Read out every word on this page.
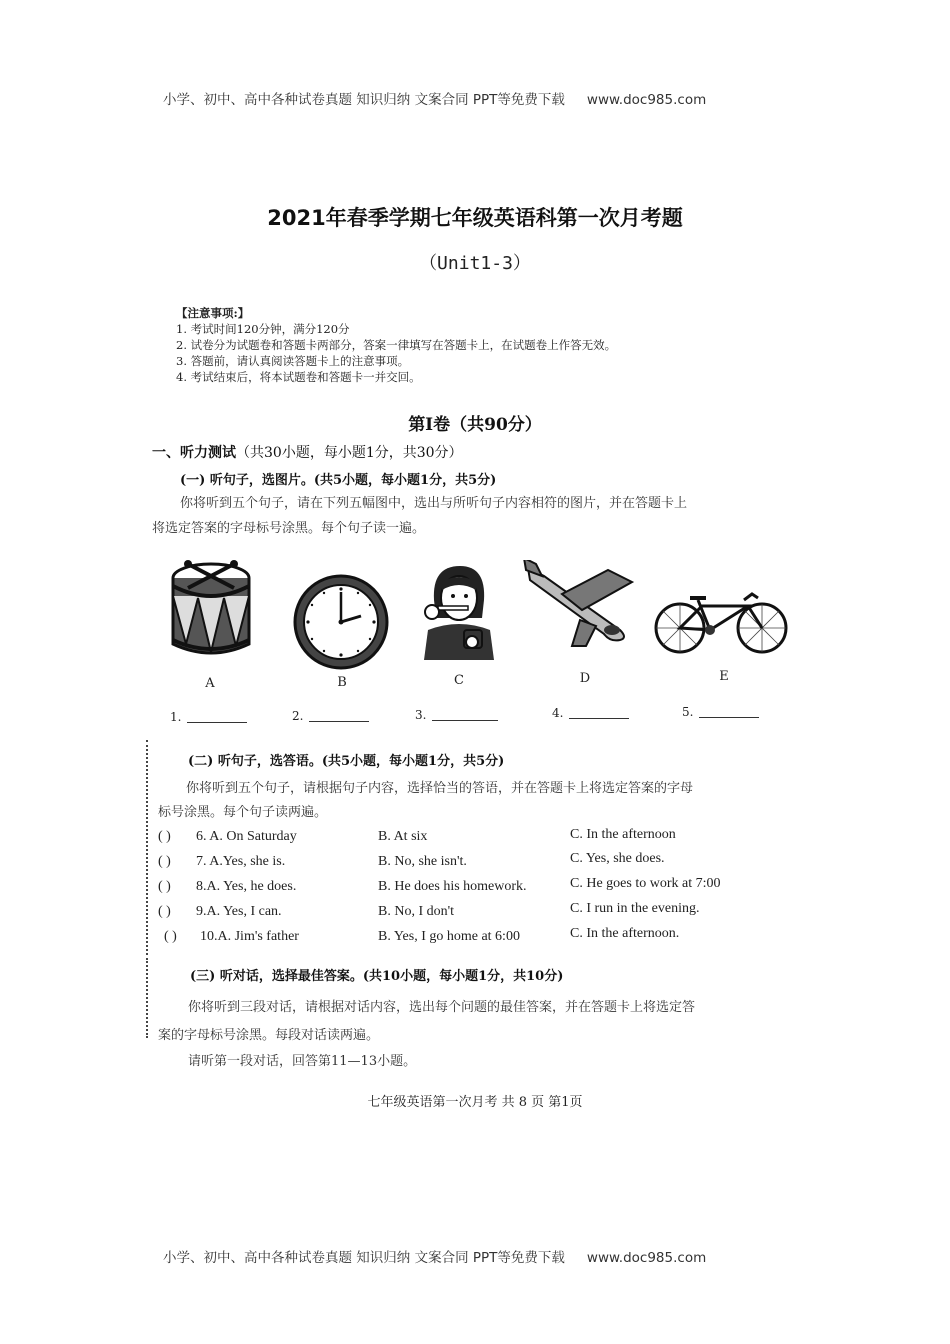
小学、初中、高中各种试卷真题 知识归纳 文案合同 PPT等免费下载 www.doc985.com
2021年春季学期七年级英语科第一次月考题
（Unit1-3）
【注意事项:】
1. 考试时间120分钟，满分120分
2. 试卷分为试题卷和答题卡两部分，答案一律填写在答题卡上，在试题卷上作答无效。
3. 答题前，请认真阅读答题卡上的注意事项。
4. 考试结束后，将本试题卷和答题卡一并交回。
第Ⅰ卷（共90分）
一、听力测试（共30小题，每小题1分，共30分）
(一) 听句子，选图片。(共5小题，每小题1分，共5分)
你将听到五个句子，请在下列五幅图中，选出与所听句子内容相符的图片，并在答题卡上
将选定答案的字母标号涂黑。每个句子读一遍。
A	B	C	D	E
1.	2.	3.	4.	5.
(二) 听句子，选答语。(共5小题，每小题1分，共5分)
你将听到五个句子，请根据句子内容，选择恰当的答语，并在答题卡上将选定答案的字母
标号涂黑。每个句子读两遍。
( ) 6. A. On Saturday	B. At six	C. In the afternoon
( ) 7. A.Yes, she is.	B. No, she isn't.	C. Yes, she does.
( ) 8.A. Yes, he does.	B. He does his homework.	C. He goes to work at 7:00
( ) 9.A. Yes, I can.	B. No, I don't	C. I run in the evening.
( ) 10.A. Jim's father	B. Yes, I go home at 6:00	C. In the afternoon.
(三) 听对话，选择最佳答案。(共10小题，每小题1分，共10分)
你将听到三段对话，请根据对话内容，选出每个问题的最佳答案，并在答题卡上将选定答
案的字母标号涂黑。每段对话读两遍。
请听第一段对话，回答第11—13小题。
七年级英语第一次月考 共 8 页 第1页
小学、初中、高中各种试卷真题 知识归纳 文案合同 PPT等免费下载 www.doc985.com
